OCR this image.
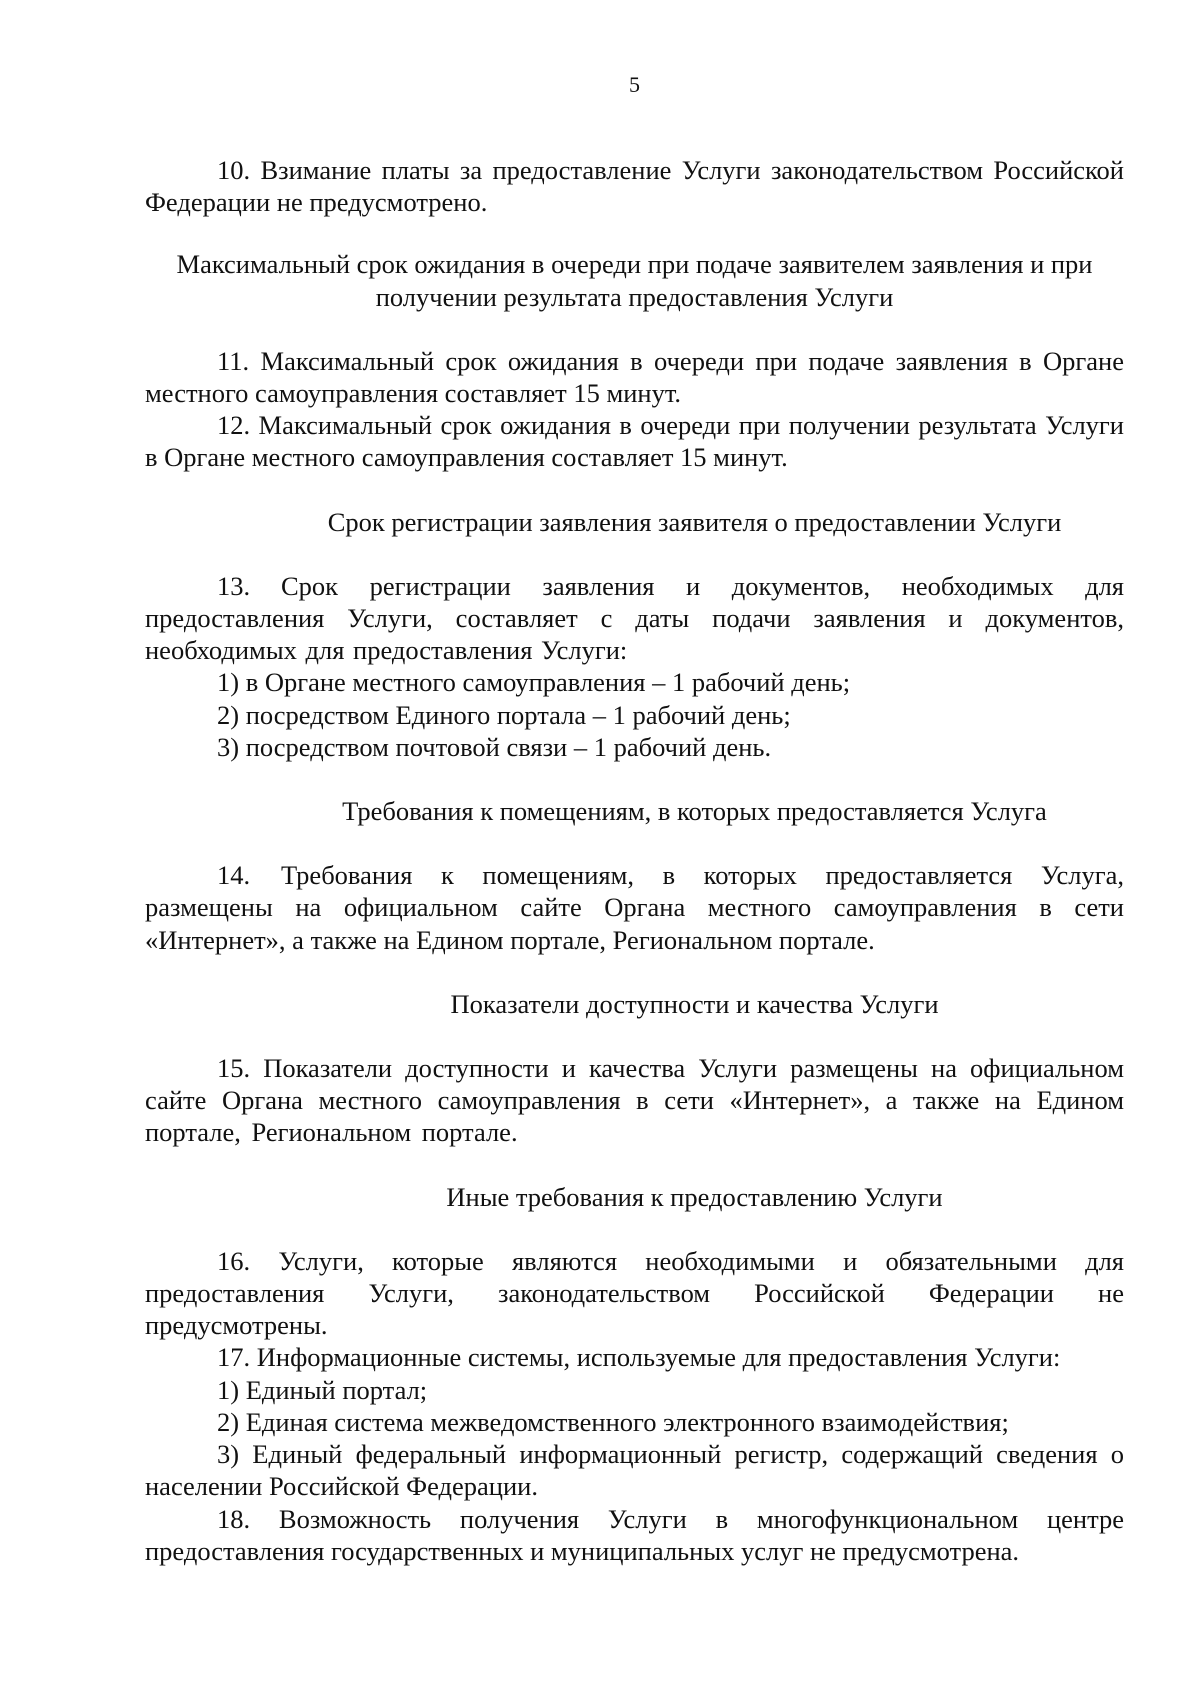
5

10. Взимание платы за предоставление Услуги законодательством Российской Федерации не предусмотрено.

Максимальный срок ожидания в очереди при подаче заявителем заявления и при получении результата предоставления Услуги

11. Максимальный срок ожидания в очереди при подаче заявления в Органе местного самоуправления составляет 15 минут.

12. Максимальный срок ожидания в очереди при получении результата Услуги в Органе местного самоуправления составляет 15 минут.

Срок регистрации заявления заявителя о предоставлении Услуги

13. Срок регистрации заявления и документов, необходимых для предоставления Услуги, составляет с даты подачи заявления и документов, необходимых для предоставления Услуги:

1) в Органе местного самоуправления – 1 рабочий день;

2) посредством Единого портала – 1 рабочий день;

3) посредством почтовой связи – 1 рабочий день.

Требования к помещениям, в которых предоставляется Услуга

14. Требования к помещениям, в которых предоставляется Услуга, размещены на официальном сайте Органа местного самоуправления в сети «Интернет», а также на Едином портале, Региональном портале.

Показатели доступности и качества Услуги

15. Показатели доступности и качества Услуги размещены на официальном сайте Органа местного самоуправления в сети «Интернет», а также на Едином портале, Региональном портале.

Иные требования к предоставлению Услуги

16. Услуги, которые являются необходимыми и обязательными для предоставления Услуги, законодательством Российской Федерации не предусмотрены.

17. Информационные системы, используемые для предоставления Услуги:

1) Единый портал;

2) Единая система межведомственного электронного взаимодействия;

3) Единый федеральный информационный регистр, содержащий сведения о населении Российской Федерации.

18. Возможность получения Услуги в многофункциональном центре предоставления государственных и муниципальных услуг не предусмотрена.
